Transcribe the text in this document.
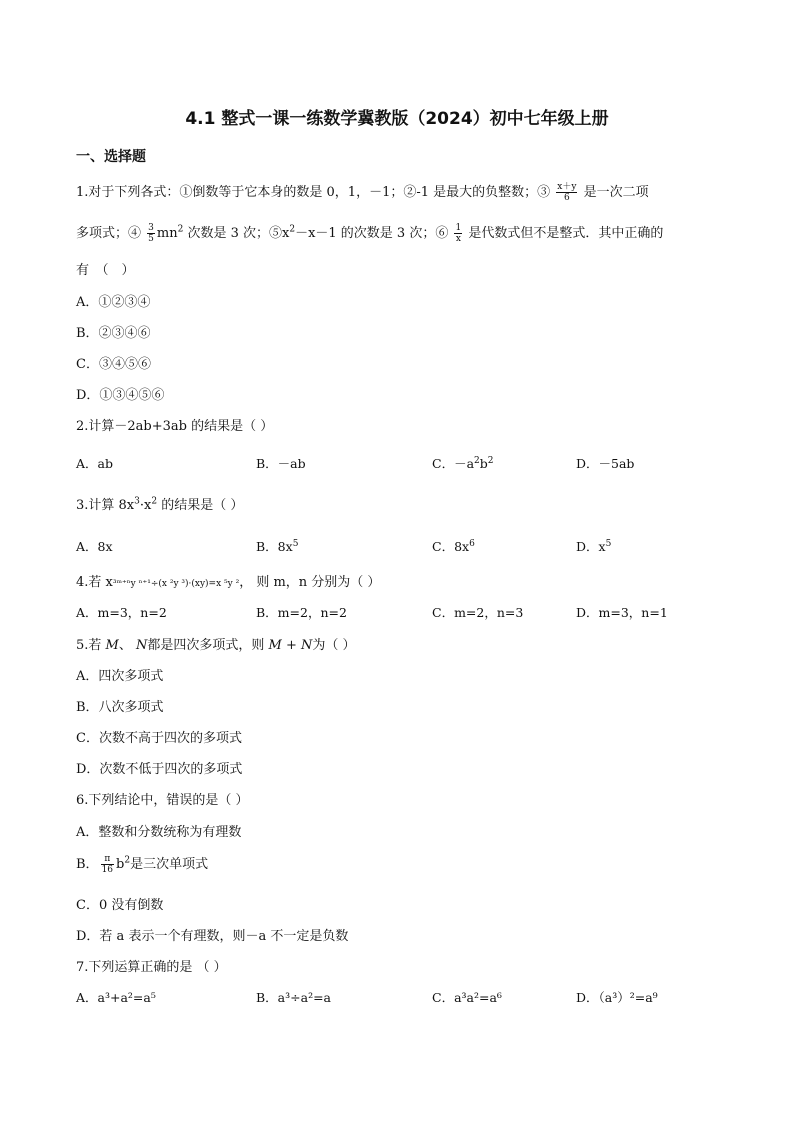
4.1 整式一课一练数学冀教版（2024）初中七年级上册
一、选择题
1.对于下列各式：①倒数等于它本身的数是 0，1，－1；②-1 是最大的负整数；③ $\frac{x+y}{6}$ 是一次二项
多项式；④ $\frac{3}{5} mn^2$ 次数是 3 次；$⑤x^2-x-1$ 的次数是 3 次；⑥ $\frac{1}{x}$ 是代数式但不是整式．其中正确的
有　（　）
A．①②③④
B．②③④⑥
C．③④⑤⑥
D．①③④⑤⑥
2.计算－2ab+3ab 的结果是（ ）
A．ab	B．－ab	C．$-a^2b^2$	D．－5ab
3.计算 $8x^3\cdot x^2$ 的结果是（ ）
A．8x	B．$8x^5$	C．$8x^6$	D．$x^5$
4.若 x³ᵐ⁺ⁿy ⁿ⁺¹÷(x ²y ³)·(xy)=x ⁵y ²， 则 m，n 分别为（ ）
A．m=3，n=2	B．m=2，n=2	C．m=2，n=3	D．m=3，n=1
5.若 M、 N都是四次多项式，则 M + N为（ ）
A．四次多项式
B．八次多项式
C．次数不高于四次的多项式
D．次数不低于四次的多项式
6.下列结论中，错误的是（ ）
A．整数和分数统称为有理数
B． $\frac{\pi}{16} b^2$是三次单项式
C．0 没有倒数
D．若 a 表示一个有理数，则－a 不一定是负数
7.下列运算正确的是 （ ）
A．a³+a²=a⁵	B．a³÷a²=a	C．a³a²=a⁶	D．（a³）²=a⁹
